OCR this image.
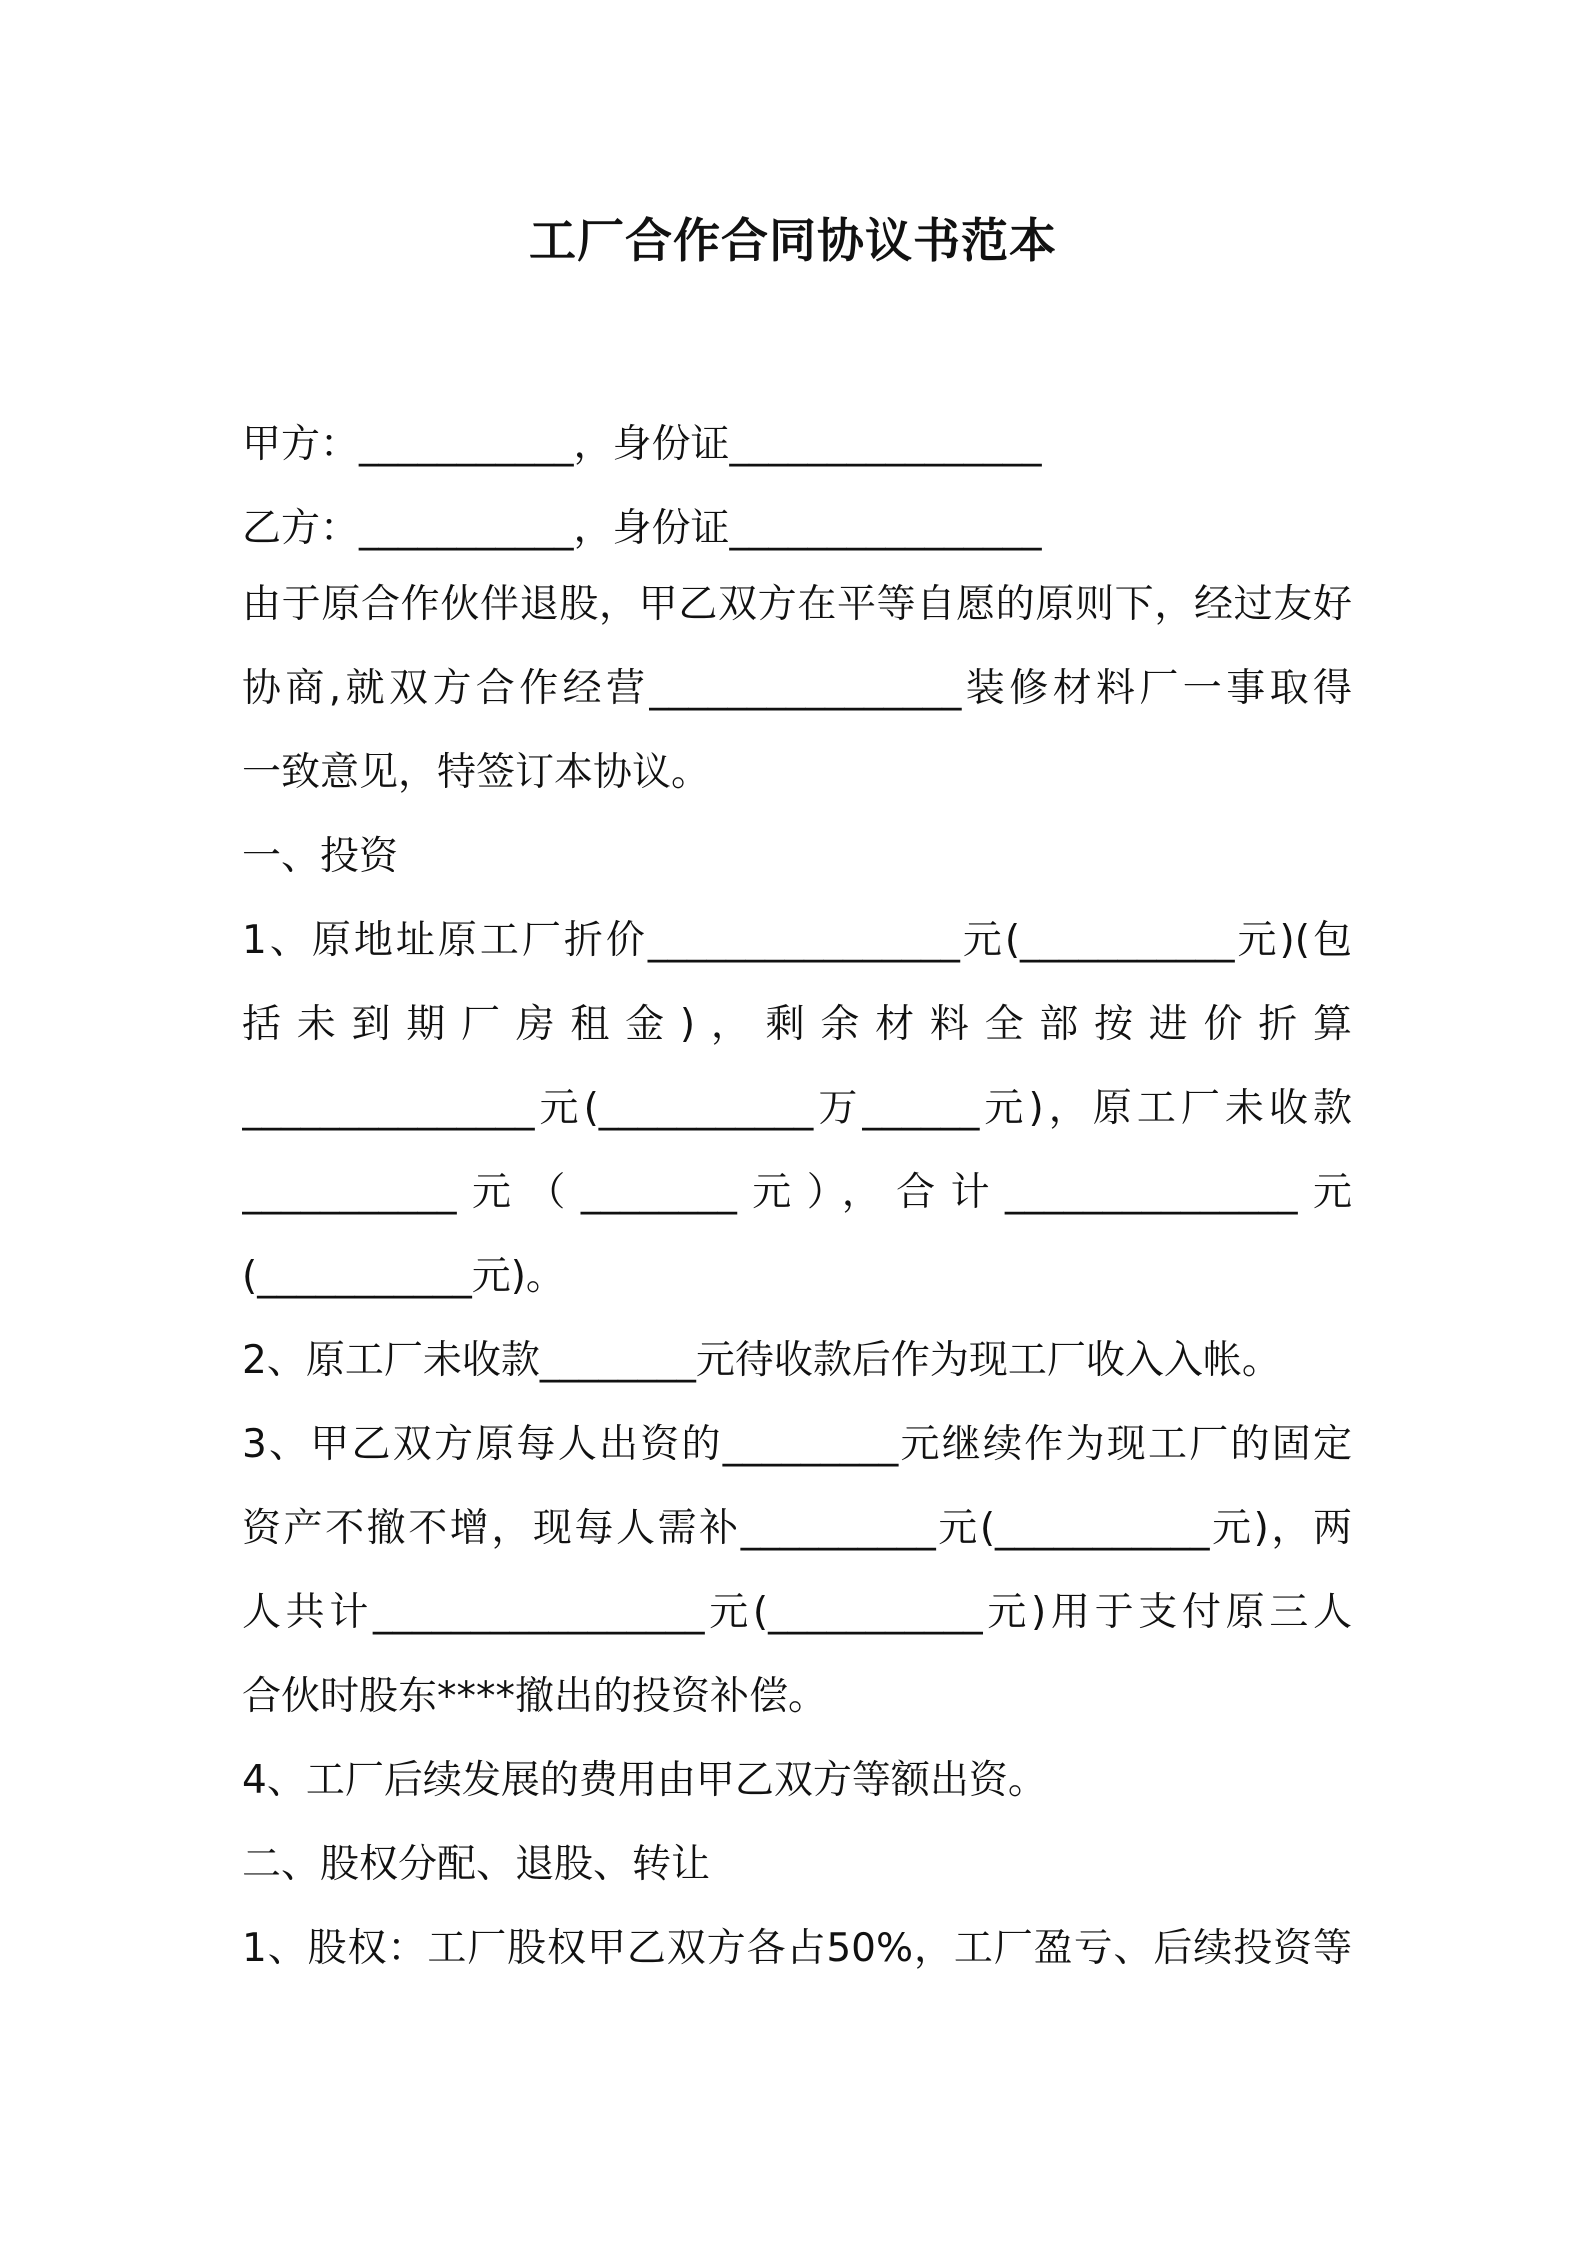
工厂合作合同协议书范本
甲方：___________，身份证________________
乙方：___________，身份证________________
由于原合作伙伴退股，甲乙双方在平等自愿的原则下，经过友好
协商,就双方合作经营________________装修材料厂一事取得
一致意见，特签订本协议。
一、投资
1、原地址原工厂折价________________元(___________元)(包
括未到期厂房租金)，剩余材料全部按进价折算
_______________元(___________万______元)，原工厂未收款
___________元（________元），合计_______________元
(___________元)。
2、原工厂未收款________元待收款后作为现工厂收入入帐。
3、甲乙双方原每人出资的_________元继续作为现工厂的固定
资产不撤不增，现每人需补__________元(___________元)，两
人共计_________________元(___________元)用于支付原三人
合伙时股东****撤出的投资补偿。
4、工厂后续发展的费用由甲乙双方等额出资。
二、股权分配、退股、转让
1、股权：工厂股权甲乙双方各占50%，工厂盈亏、后续投资等
